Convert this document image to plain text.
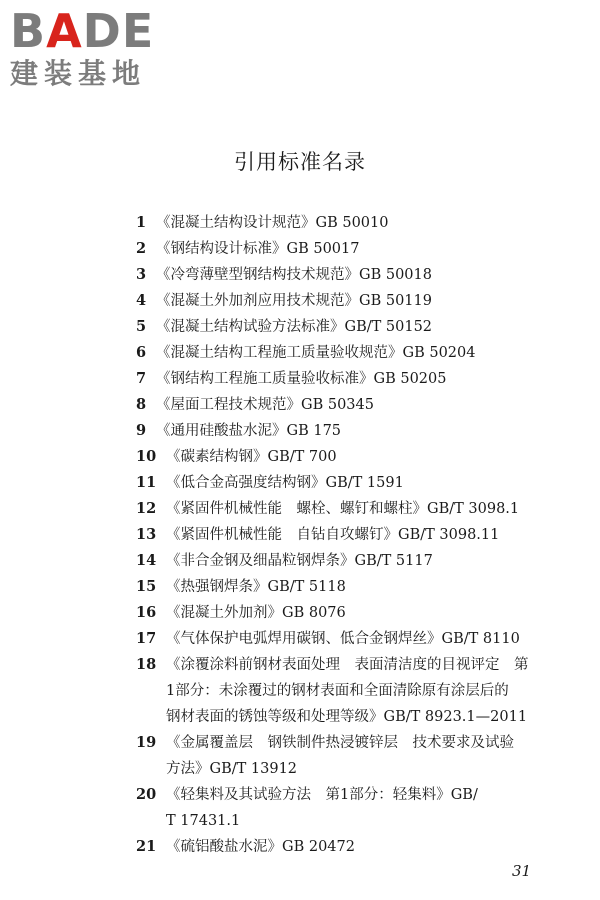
BADE
建装基地
引用标准名录
1 《混凝土结构设计规范》GB 50010
2 《钢结构设计标准》GB 50017
3 《冷弯薄壁型钢结构技术规范》GB 50018
4 《混凝土外加剂应用技术规范》GB 50119
5 《混凝土结构试验方法标准》GB/T 50152
6 《混凝土结构工程施工质量验收规范》GB 50204
7 《钢结构工程施工质量验收标准》GB 50205
8 《屋面工程技术规范》GB 50345
9 《通用硅酸盐水泥》GB 175
10 《碳素结构钢》GB/T 700
11 《低合金高强度结构钢》GB/T 1591
12 《紧固件机械性能　螺栓、螺钉和螺柱》GB/T 3098.1
13 《紧固件机械性能　自钻自攻螺钉》GB/T 3098.11
14 《非合金钢及细晶粒钢焊条》GB/T 5117
15 《热强钢焊条》GB/T 5118
16 《混凝土外加剂》GB 8076
17 《气体保护电弧焊用碳钢、低合金钢焊丝》GB/T 8110
18 《涂覆涂料前钢材表面处理　表面清洁度的目视评定　第
1部分：未涂覆过的钢材表面和全面清除原有涂层后的
钢材表面的锈蚀等级和处理等级》GB/T 8923.1—2011
19 《金属覆盖层　钢铁制件热浸镀锌层　技术要求及试验
方法》GB/T 13912
20 《轻集料及其试验方法　第1部分：轻集料》GB/
T 17431.1
21 《硫铝酸盐水泥》GB 20472
31
